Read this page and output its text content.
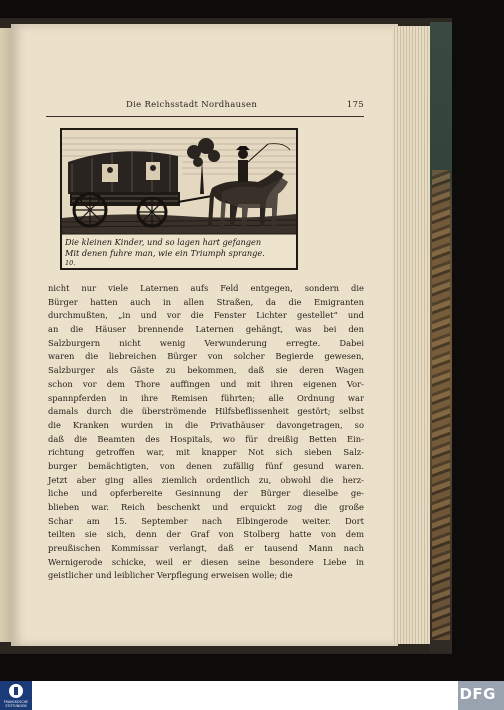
Die Reichsstadt Nordhausen	175
Die kleinen Kinder, und so lagen hart gefangen
Mit denen fuhre man, wie ein Triumph sprange.
10.
nicht nur viele Laternen aufs Feld entgegen, sondern die
Bürger hatten auch in allen Straßen, da die Emigranten
durchmußten, „in und vor die Fenster Lichter gestellet“ und
an die Häuser brennende Laternen gehängt, was bei den
Salzburgern nicht wenig Verwunderung erregte. Dabei
waren die liebreichen Bürger von solcher Begierde gewesen,
Salzburger als Gäste zu bekommen, daß sie deren Wagen
schon vor dem Thore auffingen und mit ihren eigenen Vor-
spannpferden in ihre Remisen führten; alle Ordnung war
damals durch die überströmende Hilfsbeflissenheit gestört; selbst
die Kranken wurden in die Privathäuser davongetragen, so
daß die Beamten des Hospitals, wo für dreißig Betten Ein-
richtung getroffen war, mit knapper Not sich sieben Salz-
burger bemächtigten, von denen zufällig fünf gesund waren.
Jetzt aber ging alles ziemlich ordentlich zu, obwohl die herz-
liche und opferbereite Gesinnung der Bürger dieselbe ge-
blieben war. Reich beschenkt und erquickt zog die große
Schar am 15. September nach Elbingerode weiter. Dort
teilten sie sich, denn der Graf von Stolberg hatte von dem
preußischen Kommissar verlangt, daß er tausend Mann nach
Wernigerode schicke, weil er diesen seine besondere Liebe in
geistlicher und leiblicher Verpflegung erweisen wolle; die
FRANCKESCHE STIFTUNGEN
DFG
